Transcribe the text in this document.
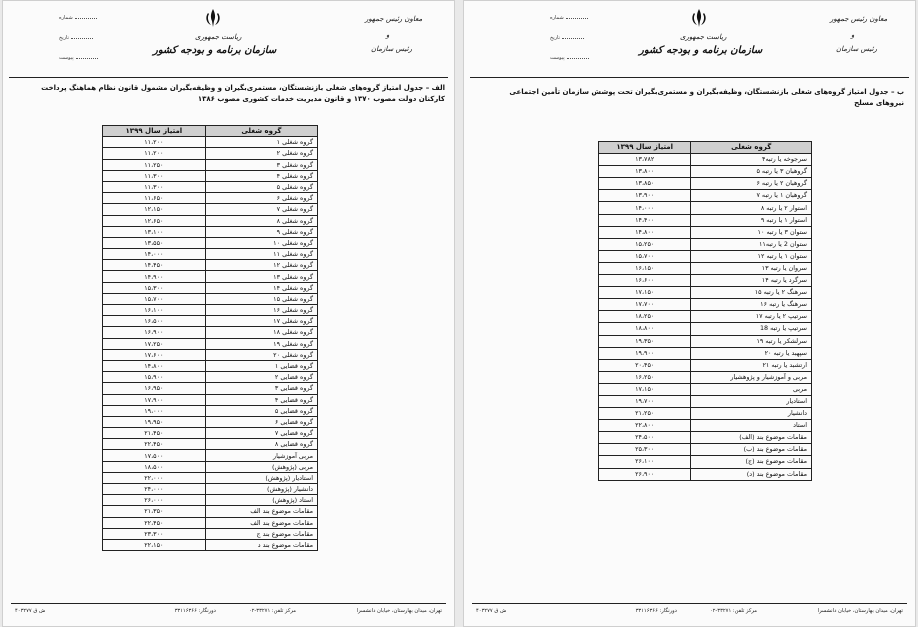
ریاست جمهوری
سازمان برنامه و بودجه کشور
معاون رئیس جمهور
و
رئیس سازمان
شماره
تاریخ
پیوست
الف – جدول امتیاز گروه‌های شغلی بازنشستگان، مستمری‌بگیران و وظیفه‌بگیران مشمول قانون نظام هماهنگ پرداخت کارکنان دولت مصوب ۱۳۷۰ و قانون مدیریت خدمات کشوری مصوب ۱۳۸۶
گروه شغلی	امتیاز سال ۱۳۹۹
گروه شغلی ۱	۱۱،۲۰۰
گروه شغلی ۲	۱۱،۲۰۰
گروه شغلی ۳	۱۱،۲۵۰
گروه شغلی ۴	۱۱،۳۰۰
گروه شغلی ۵	۱۱،۳۰۰
گروه شغلی ۶	۱۱،۶۵۰
گروه شغلی ۷	۱۲،۱۵۰
گروه شغلی ۸	۱۲،۶۵۰
گروه شغلی ۹	۱۳،۱۰۰
گروه شغلی ۱۰	۱۳،۵۵۰
گروه شغلی ۱۱	۱۴،۰۰۰
گروه شغلی ۱۲	۱۴،۴۵۰
گروه شغلی ۱۳	۱۴،۹۰۰
گروه شغلی ۱۴	۱۵،۳۰۰
گروه شغلی ۱۵	۱۵،۷۰۰
گروه شغلی ۱۶	۱۶،۱۰۰
گروه شغلی ۱۷	۱۶،۵۰۰
گروه شغلی ۱۸	۱۶،۹۰۰
گروه شغلی ۱۹	۱۷،۲۵۰
گروه شغلی ۲۰	۱۷،۶۰۰
گروه قضایی ۱	۱۴،۸۰۰
گروه قضایی ۲	۱۵،۹۰۰
گروه قضایی ۳	۱۶،۹۵۰
گروه قضایی ۴	۱۷،۹۰۰
گروه قضایی ۵	۱۹،۰۰۰
گروه قضایی ۶	۱۹،۹۵۰
گروه قضایی ۷	۲۱،۴۵۰
گروه قضایی ۸	۲۲،۴۵۰
مربی آموزشیار	۱۷،۵۰۰
مربی (پژوهش)	۱۸،۵۰۰
استادیار (پژوهش)	۲۲،۰۰۰
دانشیار (پژوهش)	۲۴،۰۰۰
استاد (پژوهش)	۲۶،۰۰۰
مقامات موضوع بند الف	۲۱،۳۵۰
مقامات موضوع بند الف	۲۲،۴۵۰
مقامات موضوع بند ج	۲۳،۳۰۰
مقامات موضوع بند د	۲۲،۱۵۰
تهران، میدان بهارستان، خیابان دانشسرا
مرکز تلفن: ۳۳۲۷۱-۰۲
دورنگار: ۳۳۱۱۶۳۶۶
ش ق ۴۰۳۲۷۷
ریاست جمهوری
سازمان برنامه و بودجه کشور
معاون رئیس جمهور
و
رئیس سازمان
شماره
تاریخ
پیوست
ب – جدول امتیاز گروه‌های شغلی بازنشستگان، وظیفه‌بگیران و مستمری‌بگیران تحت پوشش سازمان تأمین اجتماعی نیروهای مسلح
گروه شغلی	امتیاز سال ۱۳۹۹
سرجوخه یا رتبه۴	۱۳،۷۸۲
گروهبان ۳ یا رتبه ۵	۱۳،۸۰۰
گروهبان ۲ یا رتبه ۶	۱۳،۸۵۰
گروهبان ۱ یا رتبه ۷	۱۳،۹۰۰
استوار ۲ یا رتبه ۸	۱۴،۰۰۰
استوار ۱ یا رتبه ۹	۱۴،۴۰۰
ستوان ۳ یا رتبه ۱۰	۱۴،۸۰۰
ستوان 2 یا رتبه۱۱	۱۵،۲۵۰
ستوان ۱ یا رتبه ۱۲	۱۵،۷۰۰
سروان یا رتبه ۱۳	۱۶،۱۵۰
سرگرد یا رتبه ۱۴	۱۶،۶۰۰
سرهنگ ۲ یا رتبه ۱۵	۱۷،۱۵۰
سرهنگ یا رتبه ۱۶	۱۷،۷۰۰
سرتیپ ۲ یا رتبه ۱۷	۱۸،۲۵۰
سرتیپ یا رتبه 18	۱۸،۸۰۰
سرلشکر یا رتبه ۱۹	۱۹،۳۵۰
سپهبد یا رتبه ۲۰	۱۹،۹۰۰
ارتشبد یا رتبه ۲۱	۲۰،۴۵۰
مربی و آموزشیار و پژوهشیار	۱۶،۲۵۰
مربی	۱۷،۱۵۰
استادیار	۱۹،۷۰۰
دانشیار	۲۱،۲۵۰
استاد	۲۲،۸۰۰
مقامات موضوع بند (الف)	۲۴،۵۰۰
مقامات موضوع بند (ب)	۲۵،۳۰۰
مقامات موضوع بند (ج)	۲۶،۱۰۰
مقامات موضوع بند (د)	۲۶،۹۰۰
تهران، میدان بهارستان، خیابان دانشسرا
مرکز تلفن: ۳۳۲۷۱-۰۲
دورنگار: ۳۳۱۱۶۳۶۶
ش ق ۴۰۳۲۷۷
